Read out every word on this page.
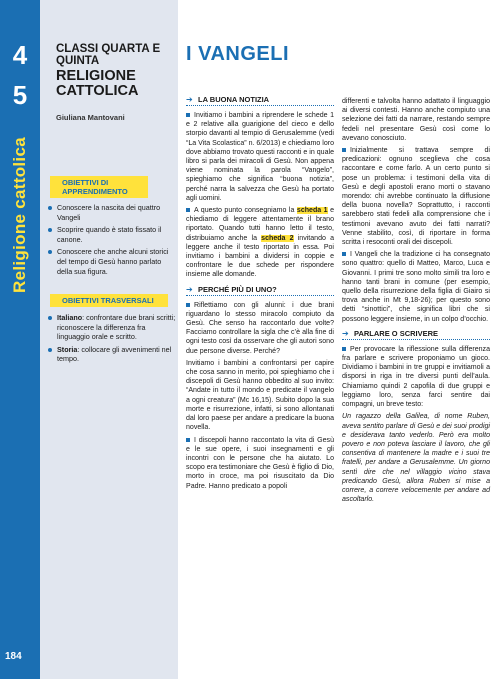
4
5
Religione cattolica
184
CLASSI QUARTA E QUINTA
RELIGIONE CATTOLICA
Giuliana Mantovani
OBIETTIVI DI APPRENDIMENTO
Conoscere la nascita dei quattro Vangeli
Scoprire quando è stato fissato il canone.
Conoscere che anche alcuni storici del tempo di Gesù hanno parlato della sua figura.
OBIETTIVI TRASVERSALI
Italiano: confrontare due brani scritti; riconoscere la differenza fra linguaggio orale e scritto.
Storia: collocare gli avvenimenti nel tempo.
I VANGELI
➔ LA BUONA NOTIZIA

Invitiamo i bambini a riprendere le schede 1 e 2 relative alla guarigione del cieco e dello storpio davanti al tempio di Gerusalemme (vedi “La Vita Scolastica” n. 6/2013) e chiediamo loro dove abbiamo trovato questi racconti e in quale libro si parla dei miracoli di Gesù. Non appena viene nominata la parola “Vangelo”, spieghiamo che significa “buona notizia”, perché narra la salvezza che Gesù ha portato agli uomini.

A questo punto consegniamo la scheda 1 e chiediamo di leggere attentamente il brano riportato. Quando tutti hanno letto il testo, distribuiamo anche la scheda 2 invitando a leggere anche il testo riportato in essa. Poi invitiamo i bambini a dividersi in coppie e confrontare le due schede per rispondere insieme alle domande.

➔ PERCHÉ PIÙ DI UNO?

Riflettiamo con gli alunni: i due brani riguardano lo stesso miracolo compiuto da Gesù. Che senso ha raccontarlo due volte? Facciamo controllare la sigla che c’è alla fine di ogni testo così da osservare che gli autori sono due persone diverse. Perché?

Invitiamo i bambini a confrontarsi per capire che cosa sanno in merito, poi spieghiamo che i discepoli di Gesù hanno obbedito al suo invito: “Andate in tutto il mondo e predicate il vangelo a ogni creatura” (Mc 16,15). Subito dopo la sua morte e risurrezione, infatti, si sono allontanati dal loro paese per andare a predicare la buona novella.

I discepoli hanno raccontato la vita di Gesù e le sue opere, i suoi insegnamenti e gli incontri con le persone che ha aiutato. Lo scopo era testimoniare che Gesù è figlio di Dio, morto in croce, ma poi risuscitato da Dio Padre. Hanno predicato a popoli

differenti e talvolta hanno adattato il linguaggio ai diversi contesti. Hanno anche compiuto una selezione dei fatti da narrare, restando sempre fedeli nel presentare Gesù così come lo avevano conosciuto.

Inizialmente si trattava sempre di predicazioni: ognuno sceglieva che cosa raccontare e come farlo. A un certo punto si pose un problema: i testimoni della vita di Gesù e degli apostoli erano morti o stavano morendo: chi avrebbe continuato la diffusione della buona novella? Soprattutto, i racconti sarebbero stati fedeli alla comprensione che i testimoni avevano avuto dei fatti narrati? Venne stabilito, così, di riportare in forma scritta i resoconti orali dei discepoli.

I Vangeli che la tradizione ci ha consegnato sono quattro: quello di Matteo, Marco, Luca e Giovanni. I primi tre sono molto simili tra loro e hanno tanti brani in comune (per esempio, quello della risurrezione della figlia di Giairo si trova anche in Mt 9,18-26); per questo sono detti “sinottici”, che significa libri che si possono leggere insieme, in un colpo d’occhio.

➔ PARLARE O SCRIVERE

Per provocare la riflessione sulla differenza fra parlare e scrivere proponiamo un gioco. Dividiamo i bambini in tre gruppi e invitiamoli a disporsi in riga in tre diversi punti dell’aula. Chiamiamo quindi 2 capofila di due gruppi e leggiamo loro, senza farci sentire dai compagni, un breve testo:

Un ragazzo della Galilea, di nome Ruben, aveva sentito parlare di Gesù e dei suoi prodigi e desiderava tanto vederlo. Però era molto povero e non poteva lasciare il lavoro, che gli consentiva di mantenere la madre e i suoi tre fratelli, per andare a Gerusalemme. Un giorno sentì dire che nel villaggio vicino stava predicando Gesù, allora Ruben si mise a correre, a correre velocemente per andare ad ascoltarlo.
